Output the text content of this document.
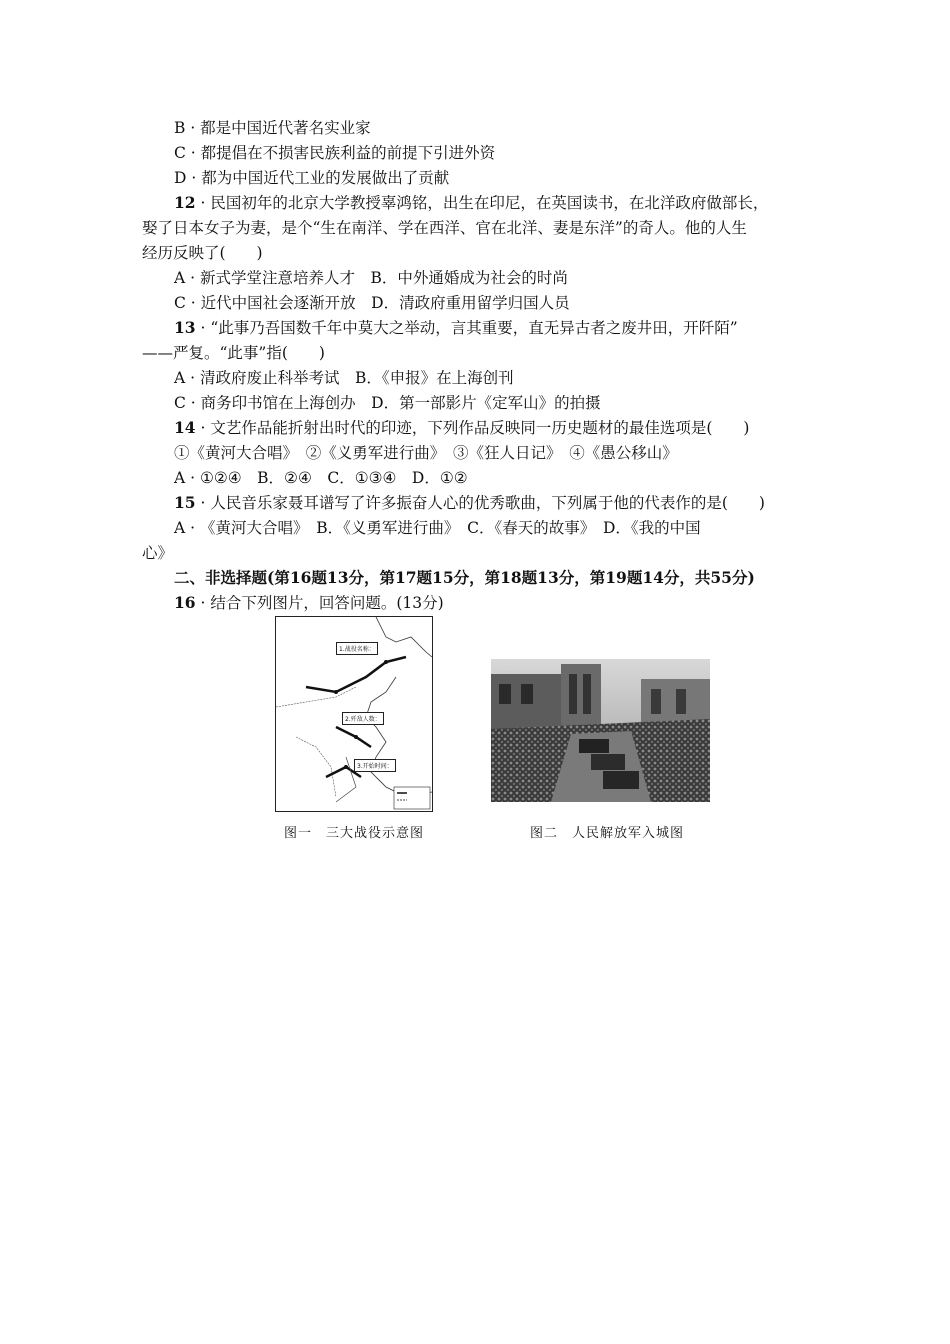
B · 都是中国近代著名实业家
C · 都提倡在不损害民族利益的前提下引进外资
D · 都为中国近代工业的发展做出了贡献
12 · 民国初年的北京大学教授辜鸿铭，出生在印尼，在英国读书，在北洋政府做部长，
娶了日本女子为妻，是个“生在南洋、学在西洋、官在北洋、妻是东洋”的奇人。他的人生
经历反映了(　　)
A · 新式学堂注意培养人才　B．中外通婚成为社会的时尚
C · 近代中国社会逐渐开放　D．清政府重用留学归国人员
13 · “此事乃吾国数千年中莫大之举动，言其重要，直无异古者之废井田，开阡陌”
——严复。“此事”指(　　)
A · 清政府废止科举考试　B．《申报》在上海创刊
C · 商务印书馆在上海创办　D．第一部影片《定军山》的拍摄
14 · 文艺作品能折射出时代的印迹，下列作品反映同一历史题材的最佳选项是(　　)
①《黄河大合唱》　②《义勇军进行曲》　③《狂人日记》　④《愚公移山》
A · ①②④　B．②④　C．①③④　D．①②
15 · 人民音乐家聂耳谱写了许多振奋人心的优秀歌曲，下列属于他的代表作的是(　　)
A · 《黄河大合唱》　B．《义勇军进行曲》　C．《春天的故事》　D．《我的中国
心》
二、非选择题(第16题13分，第17题15分，第18题13分，第19题14分，共55分)
16 · 结合下列图片，回答问题。(13分)
1.战役名称：
2.歼敌人数：
3.开始时间：
图一　三大战役示意图	图二　人民解放军入城图
